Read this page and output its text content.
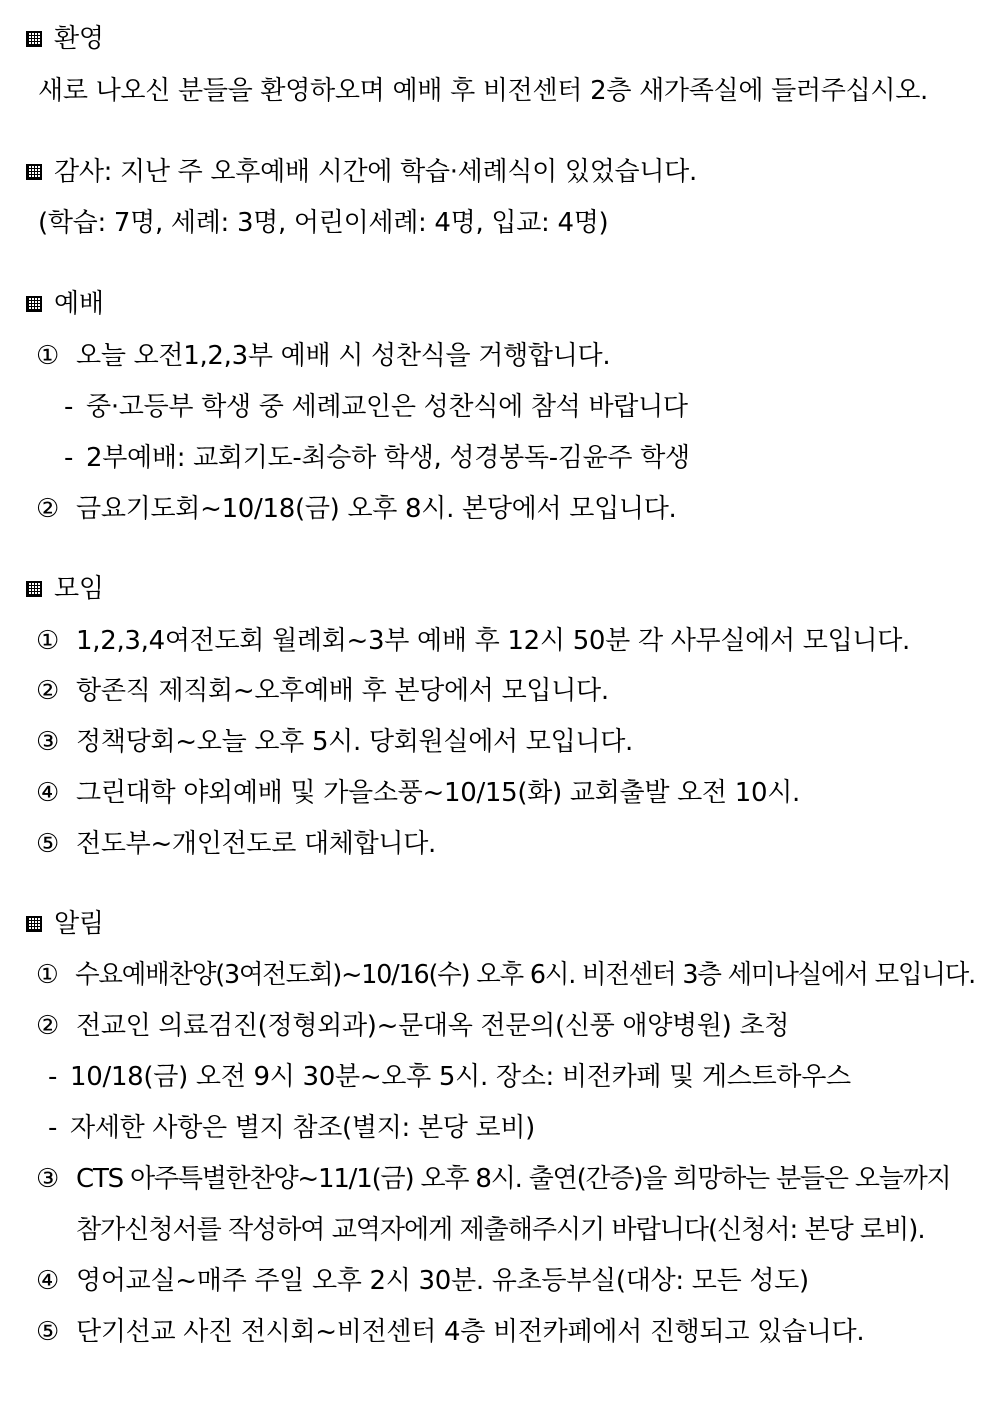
환영
새로 나오신 분들을 환영하오며 예배 후 비전센터 2층 새가족실에 들러주십시오.
감사: 지난 주 오후예배 시간에 학습·세례식이 있었습니다.
(학습: 7명, 세례: 3명, 어린이세례: 4명, 입교: 4명)
예배
① 오늘 오전1,2,3부 예배 시 성찬식을 거행합니다.
- 중·고등부 학생 중 세례교인은 성찬식에 참석 바랍니다
- 2부예배: 교회기도-최승하 학생, 성경봉독-김윤주 학생
② 금요기도회~10/18(금) 오후 8시. 본당에서 모입니다.
모임
① 1,2,3,4여전도회 월례회~3부 예배 후 12시 50분 각 사무실에서 모입니다.
② 항존직 제직회~오후예배 후 본당에서 모입니다.
③ 정책당회~오늘 오후 5시. 당회원실에서 모입니다.
④ 그린대학 야외예배 및 가을소풍~10/15(화) 교회출발 오전 10시.
⑤ 전도부~개인전도로 대체합니다.
알림
① 수요예배찬양(3여전도회)~10/16(수) 오후 6시. 비전센터 3층 세미나실에서 모입니다.
② 전교인 의료검진(정형외과)~문대옥 전문의(신풍 애양병원) 초청
- 10/18(금) 오전 9시 30분~오후 5시. 장소: 비전카페 및 게스트하우스
- 자세한 사항은 별지 참조(별지: 본당 로비)
③ CTS 아주특별한찬양~11/1(금) 오후 8시. 출연(간증)을 희망하는 분들은 오늘까지
참가신청서를 작성하여 교역자에게 제출해주시기 바랍니다(신청서: 본당 로비).
④ 영어교실~매주 주일 오후 2시 30분. 유초등부실(대상: 모든 성도)
⑤ 단기선교 사진 전시회~비전센터 4층 비전카페에서 진행되고 있습니다.
